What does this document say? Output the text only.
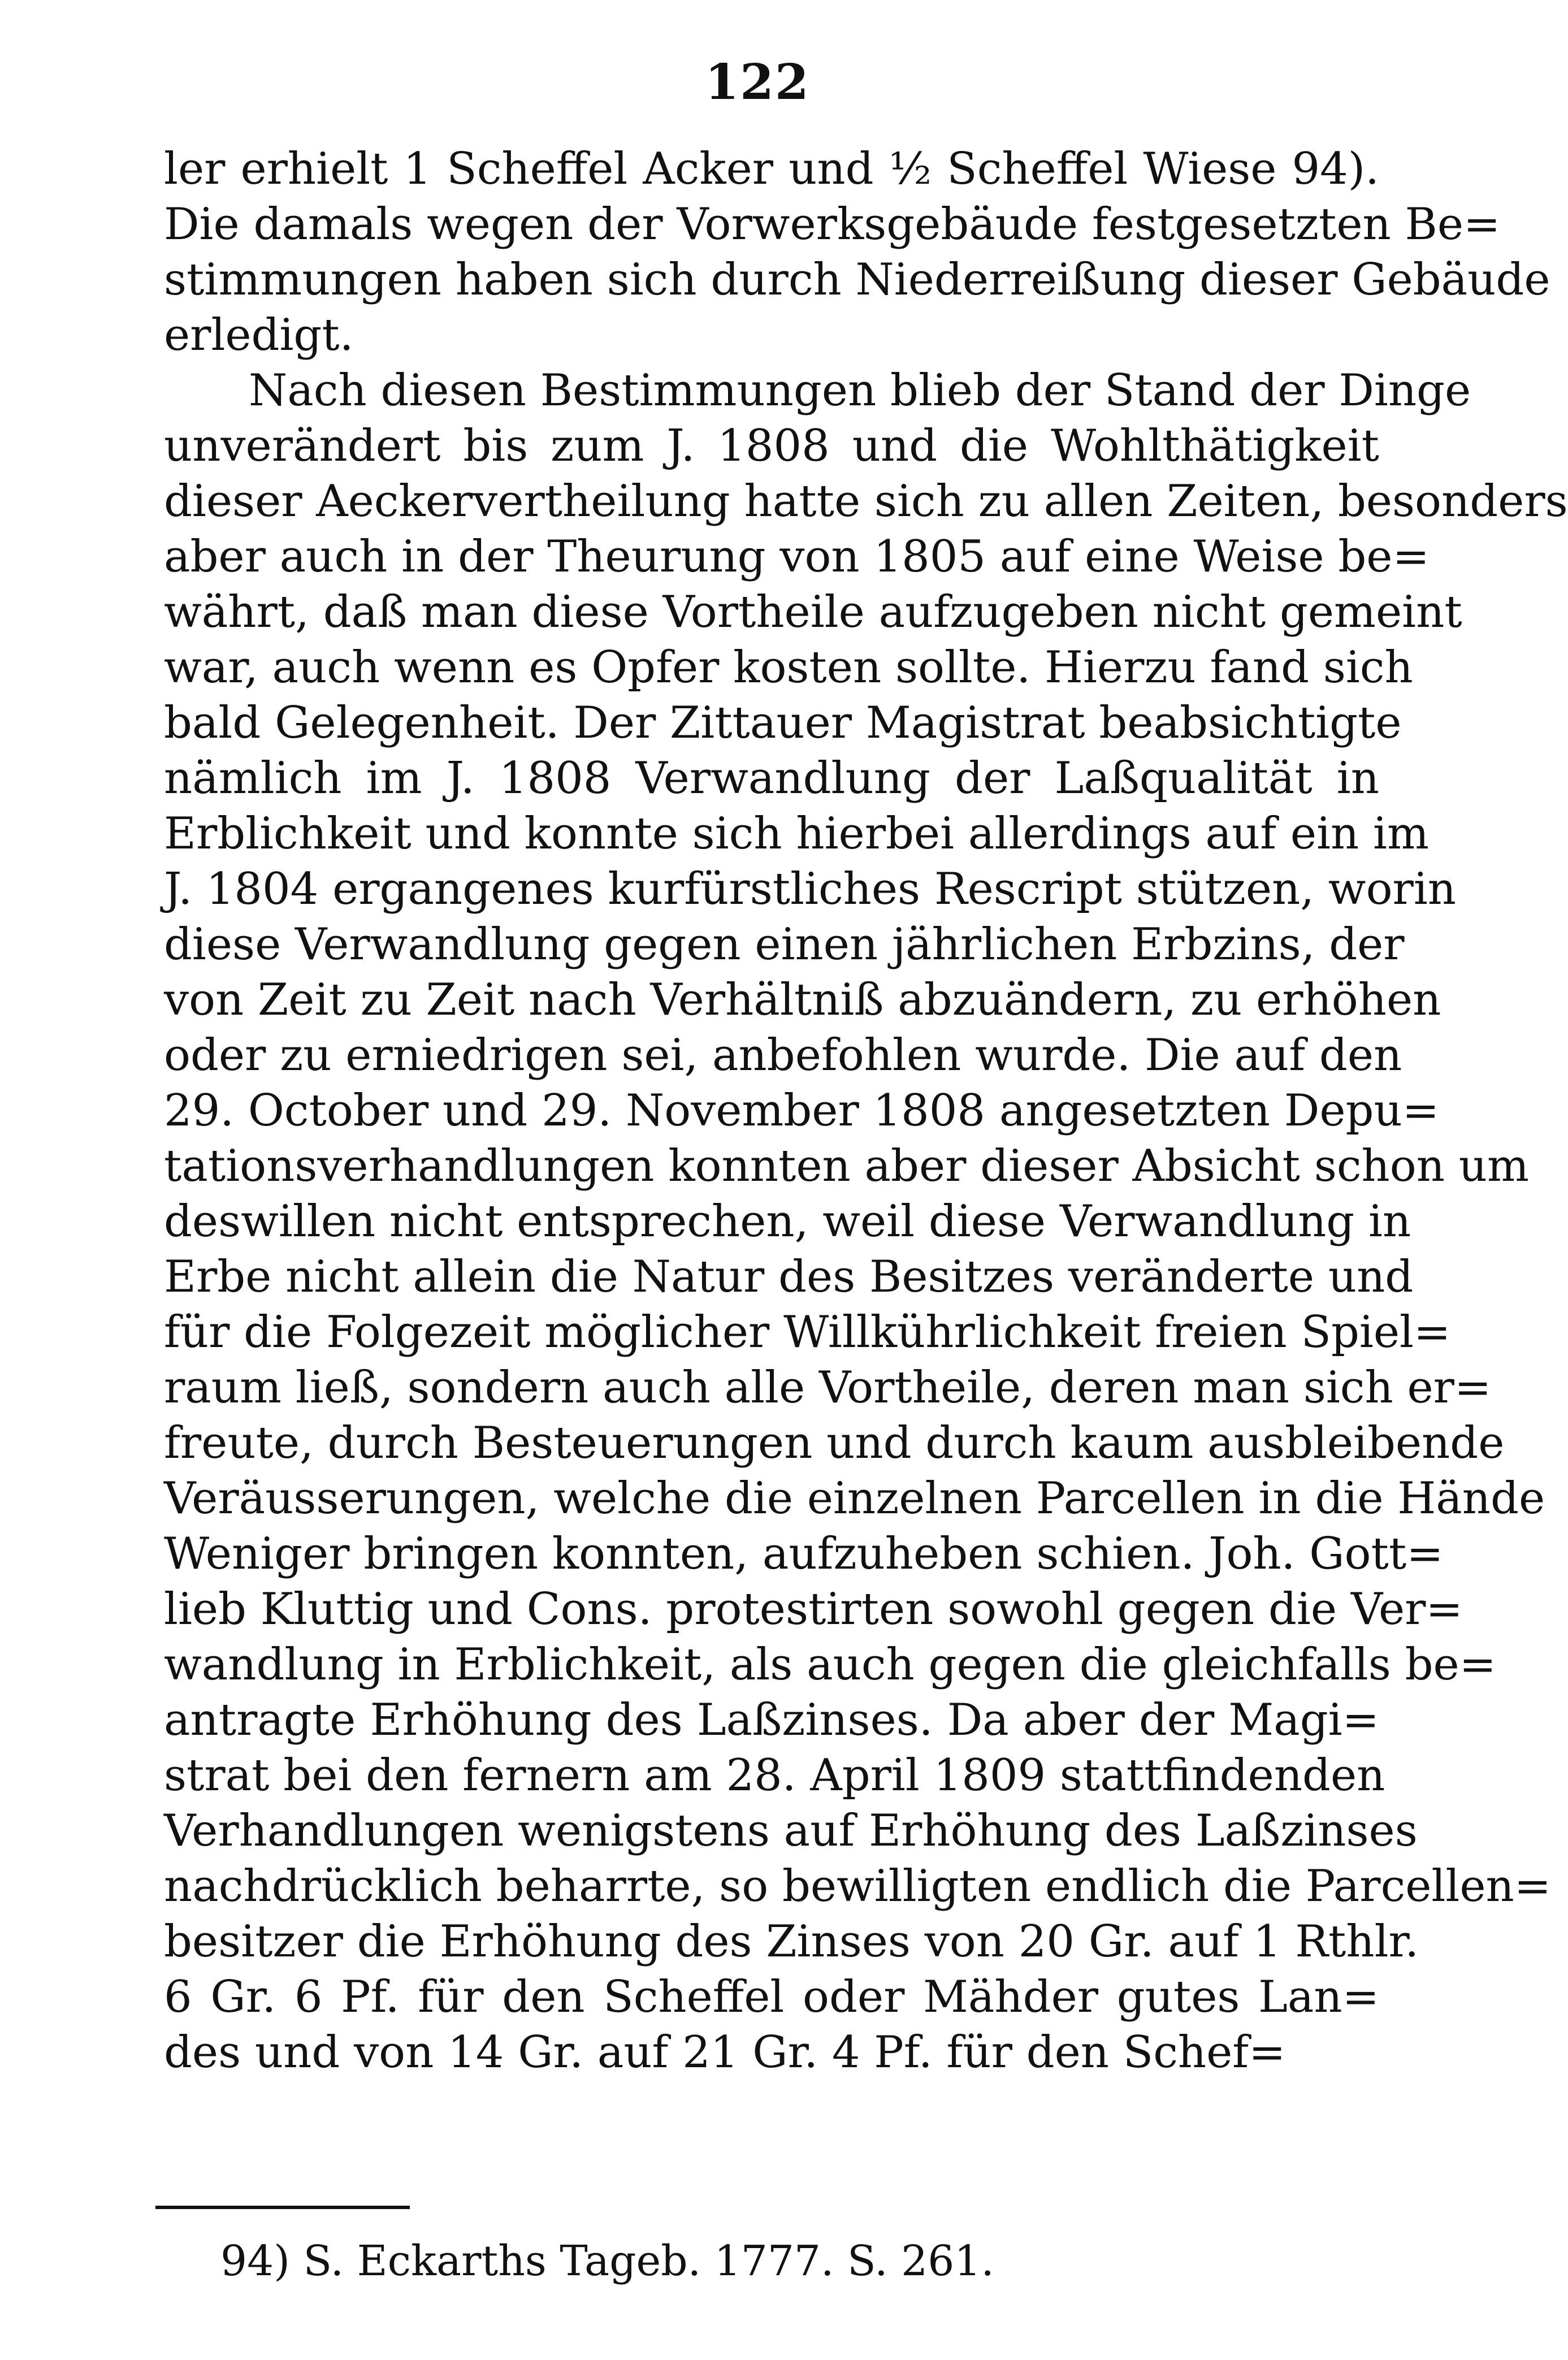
122
ler erhielt 1 Scheffel Acker und ½ Scheffel Wiese 94).
Die damals wegen der Vorwerksgebäude festgesetzten Be=
stimmungen haben sich durch Niederreißung dieser Gebäude
erledigt.
Nach diesen Bestimmungen blieb der Stand der Dinge
unverändert bis zum J. 1808 und die Wohlthätigkeit
dieser Aeckervertheilung hatte sich zu allen Zeiten, besonders
aber auch in der Theurung von 1805 auf eine Weise be=
währt, daß man diese Vortheile aufzugeben nicht gemeint
war, auch wenn es Opfer kosten sollte. Hierzu fand sich
bald Gelegenheit. Der Zittauer Magistrat beabsichtigte
nämlich im J. 1808 Verwandlung der Laßqualität in
Erblichkeit und konnte sich hierbei allerdings auf ein im
J. 1804 ergangenes kurfürstliches Rescript stützen, worin
diese Verwandlung gegen einen jährlichen Erbzins, der
von Zeit zu Zeit nach Verhältniß abzuändern, zu erhöhen
oder zu erniedrigen sei, anbefohlen wurde. Die auf den
29. October und 29. November 1808 angesetzten Depu=
tationsverhandlungen konnten aber dieser Absicht schon um
deswillen nicht entsprechen, weil diese Verwandlung in
Erbe nicht allein die Natur des Besitzes veränderte und
für die Folgezeit möglicher Willkührlichkeit freien Spiel=
raum ließ, sondern auch alle Vortheile, deren man sich er=
freute, durch Besteuerungen und durch kaum ausbleibende
Veräusserungen, welche die einzelnen Parcellen in die Hände
Weniger bringen konnten, aufzuheben schien. Joh. Gott=
lieb Kluttig und Cons. protestirten sowohl gegen die Ver=
wandlung in Erblichkeit, als auch gegen die gleichfalls be=
antragte Erhöhung des Laßzinses. Da aber der Magi=
strat bei den fernern am 28. April 1809 stattfindenden
Verhandlungen wenigstens auf Erhöhung des Laßzinses
nachdrücklich beharrte, so bewilligten endlich die Parcellen=
besitzer die Erhöhung des Zinses von 20 Gr. auf 1 Rthlr.
6 Gr. 6 Pf. für den Scheffel oder Mähder gutes Lan=
des und von 14 Gr. auf 21 Gr. 4 Pf. für den Schef=
94) S. Eckarths Tageb. 1777. S. 261.
